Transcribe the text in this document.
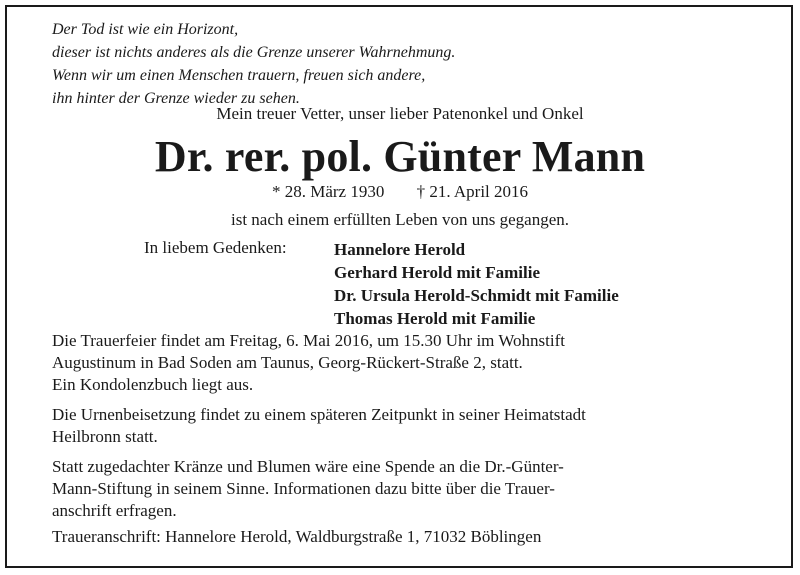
Der Tod ist wie ein Horizont,
dieser ist nichts anderes als die Grenze unserer Wahrnehmung.
Wenn wir um einen Menschen trauern, freuen sich andere,
ihn hinter der Grenze wieder zu sehen.
Mein treuer Vetter, unser lieber Patenonkel und Onkel
Dr. rer. pol. Günter Mann
* 28. März 1930 † 21. April 2016
ist nach einem erfüllten Leben von uns gegangen.
In liebem Gedenken:	Hannelore Herold
Gerhard Herold mit Familie
Dr. Ursula Herold-Schmidt mit Familie
Thomas Herold mit Familie
Die Trauerfeier findet am Freitag, 6. Mai 2016, um 15.30 Uhr im Wohnstift
Augustinum in Bad Soden am Taunus, Georg-Rückert-Straße 2, statt.
Ein Kondolenzbuch liegt aus.
Die Urnenbeisetzung findet zu einem späteren Zeitpunkt in seiner Heimatstadt
Heilbronn statt.
Statt zugedachter Kränze und Blumen wäre eine Spende an die Dr.-Günter-
Mann-Stiftung in seinem Sinne. Informationen dazu bitte über die Trauer-
anschrift erfragen.
Traueranschrift: Hannelore Herold, Waldburgstraße 1, 71032 Böblingen
